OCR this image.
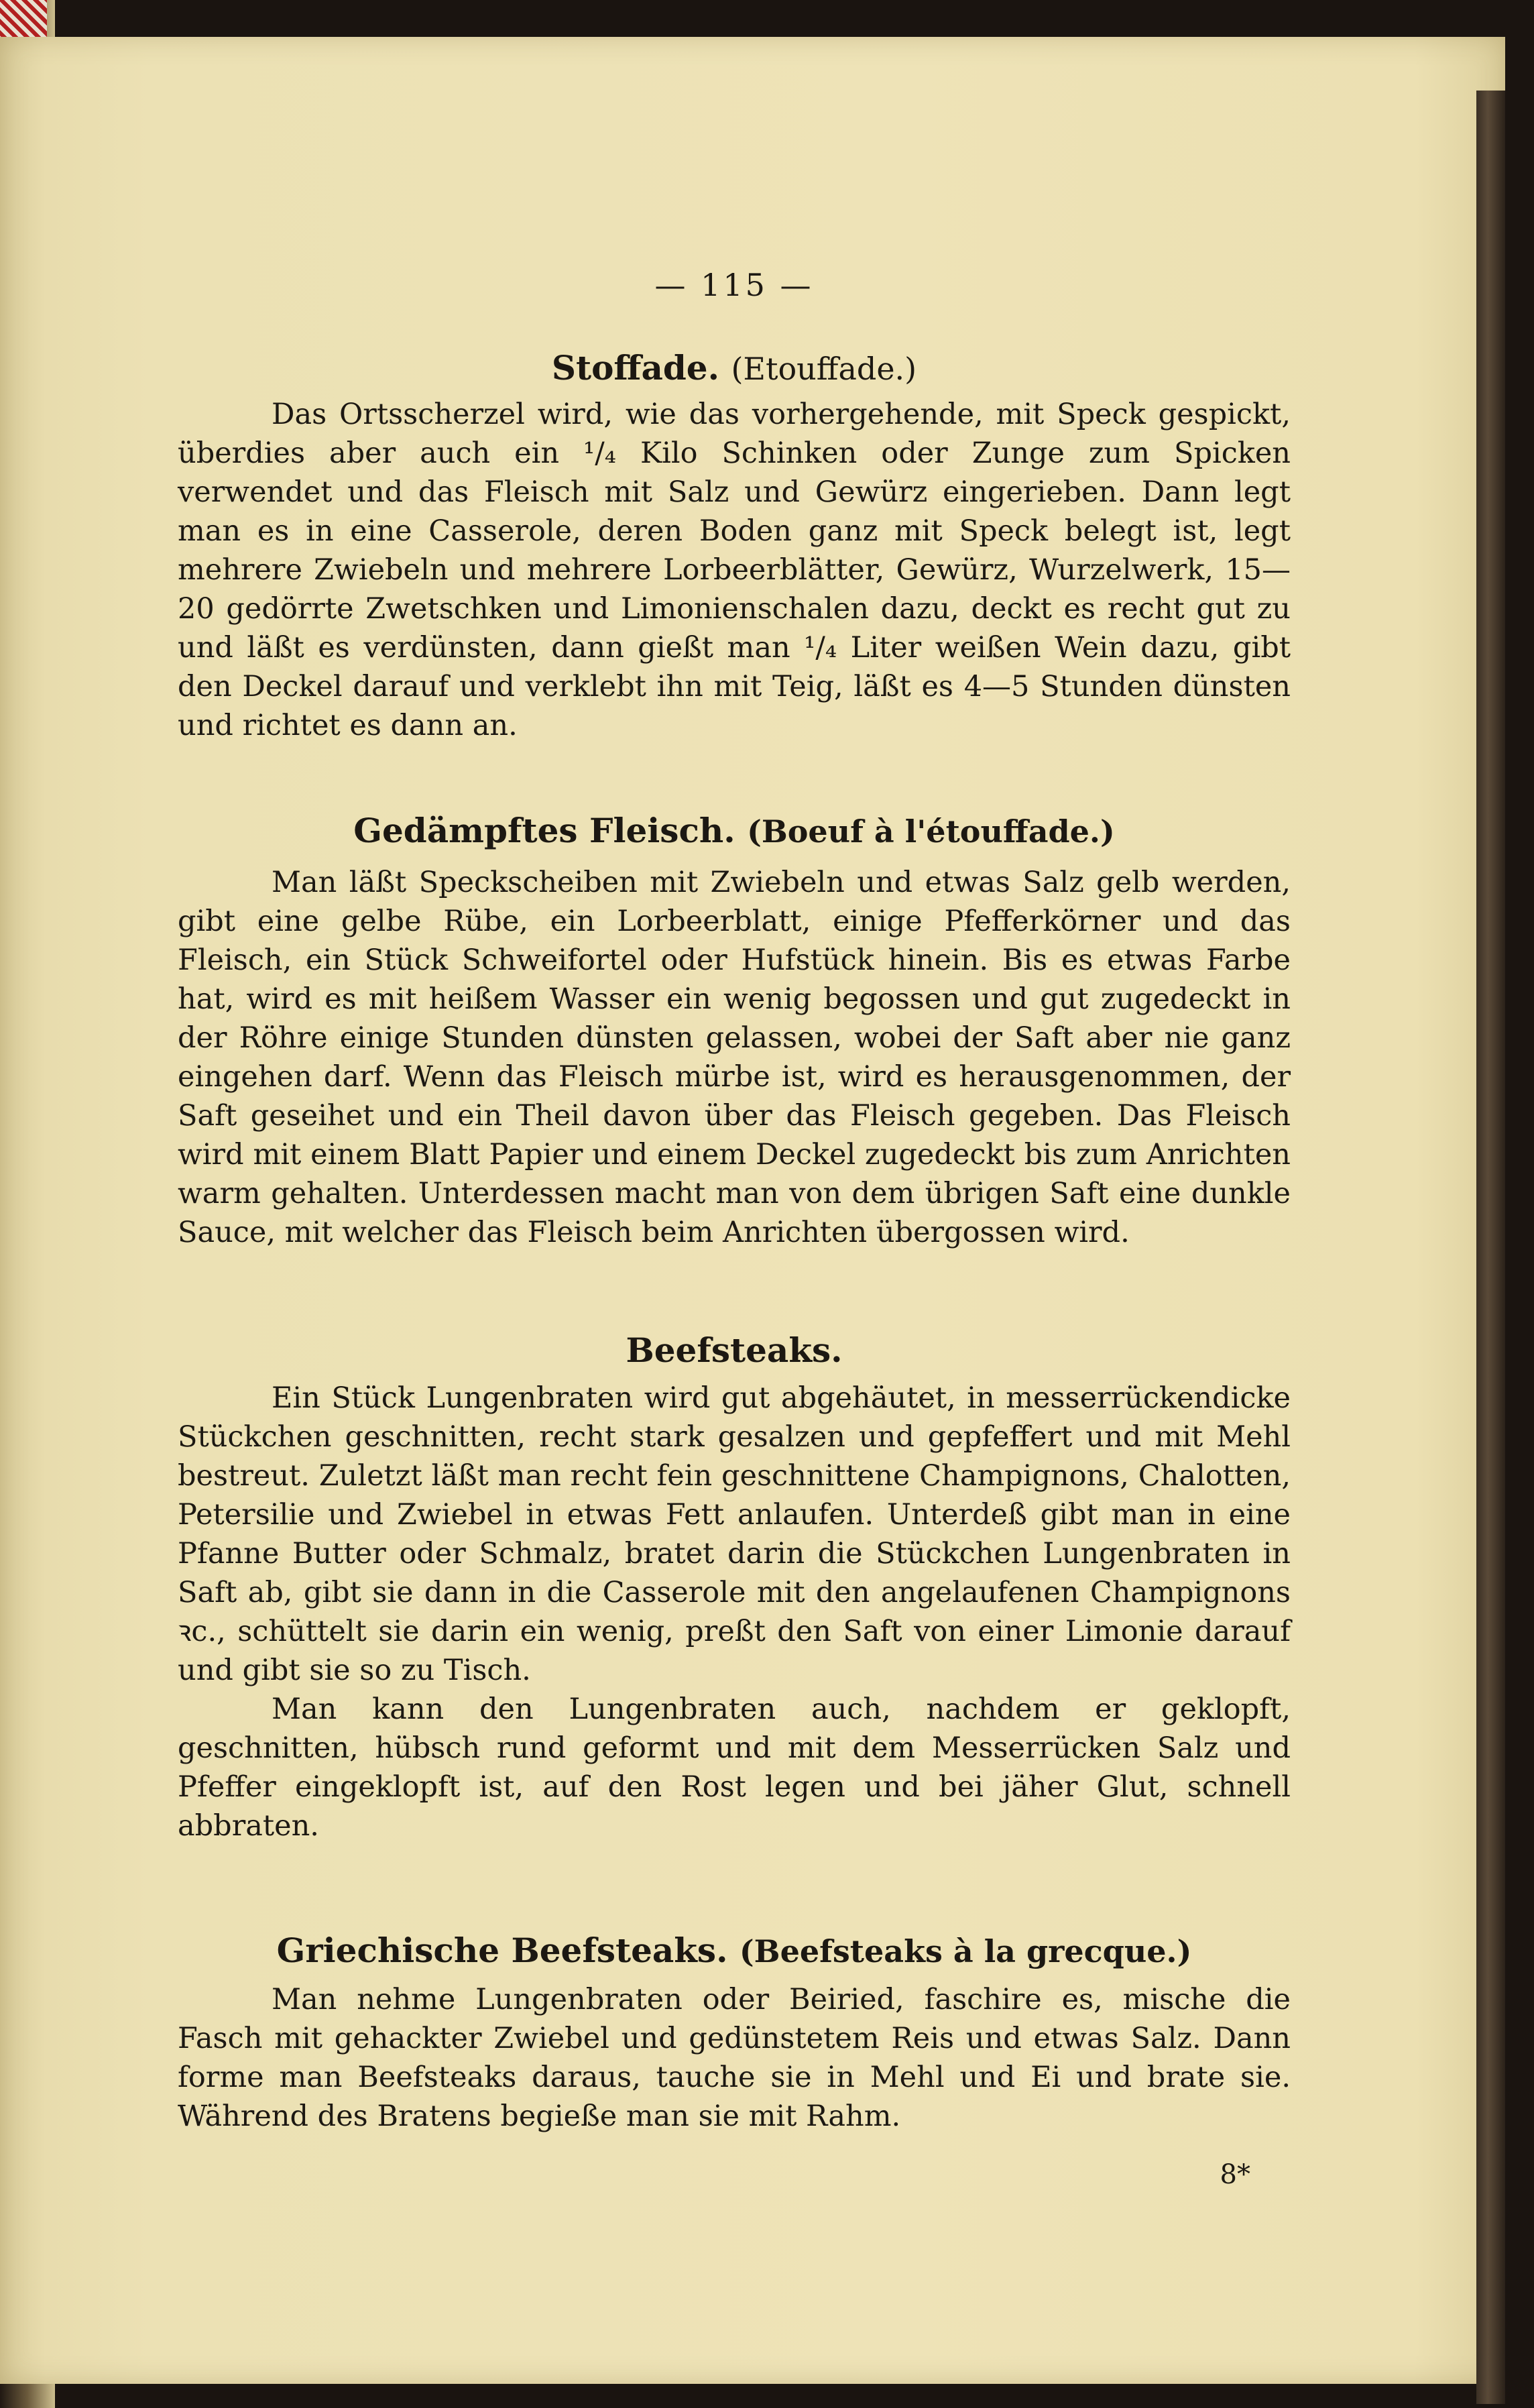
— 115 —
Stoffade. (Etouffade.)

Das Ortsscherzel wird, wie das vorhergehende, mit Speck gespickt, überdies aber auch ein ¹/₄ Kilo Schinken oder Zunge zum Spicken verwendet und das Fleisch mit Salz und Gewürz eingerieben. Dann legt man es in eine Casserole, deren Boden ganz mit Speck belegt ist, legt mehrere Zwiebeln und mehrere Lorbeerblätter, Gewürz, Wurzelwerk, 15—20 gedörrte Zwetschken und Limonienschalen dazu, deckt es recht gut zu und läßt es verdünsten, dann gießt man ¹/₄ Liter weißen Wein dazu, gibt den Deckel darauf und verklebt ihn mit Teig, läßt es 4—5 Stunden dünsten und richtet es dann an.

Gedämpftes Fleisch. (Boeuf à l'étouffade.)

Man läßt Speckscheiben mit Zwiebeln und etwas Salz gelb werden, gibt eine gelbe Rübe, ein Lorbeerblatt, einige Pfefferkörner und das Fleisch, ein Stück Schweifortel oder Hufstück hinein. Bis es etwas Farbe hat, wird es mit heißem Wasser ein wenig begossen und gut zugedeckt in der Röhre einige Stunden dünsten gelassen, wobei der Saft aber nie ganz eingehen darf. Wenn das Fleisch mürbe ist, wird es herausgenommen, der Saft geseihet und ein Theil davon über das Fleisch gegeben. Das Fleisch wird mit einem Blatt Papier und einem Deckel zugedeckt bis zum Anrichten warm gehalten. Unterdessen macht man von dem übrigen Saft eine dunkle Sauce, mit welcher das Fleisch beim Anrichten übergossen wird.

Beefsteaks.

Ein Stück Lungenbraten wird gut abgehäutet, in messerrückendicke Stückchen geschnitten, recht stark gesalzen und gepfeffert und mit Mehl bestreut. Zuletzt läßt man recht fein geschnittene Champignons, Chalotten, Petersilie und Zwiebel in etwas Fett anlaufen. Unterdeß gibt man in eine Pfanne Butter oder Schmalz, bratet darin die Stückchen Lungenbraten in Saft ab, gibt sie dann in die Casserole mit den angelaufenen Champignons ꝛc., schüttelt sie darin ein wenig, preßt den Saft von einer Limonie darauf und gibt sie so zu Tisch.

Man kann den Lungenbraten auch, nachdem er geklopft, geschnitten, hübsch rund geformt und mit dem Messerrücken Salz und Pfeffer eingeklopft ist, auf den Rost legen und bei jäher Glut, schnell abbraten.

Griechische Beefsteaks. (Beefsteaks à la grecque.)

Man nehme Lungenbraten oder Beiried, faschire es, mische die Fasch mit gehackter Zwiebel und gedünstetem Reis und etwas Salz. Dann forme man Beefsteaks daraus, tauche sie in Mehl und Ei und brate sie. Während des Bratens begieße man sie mit Rahm.

8*
